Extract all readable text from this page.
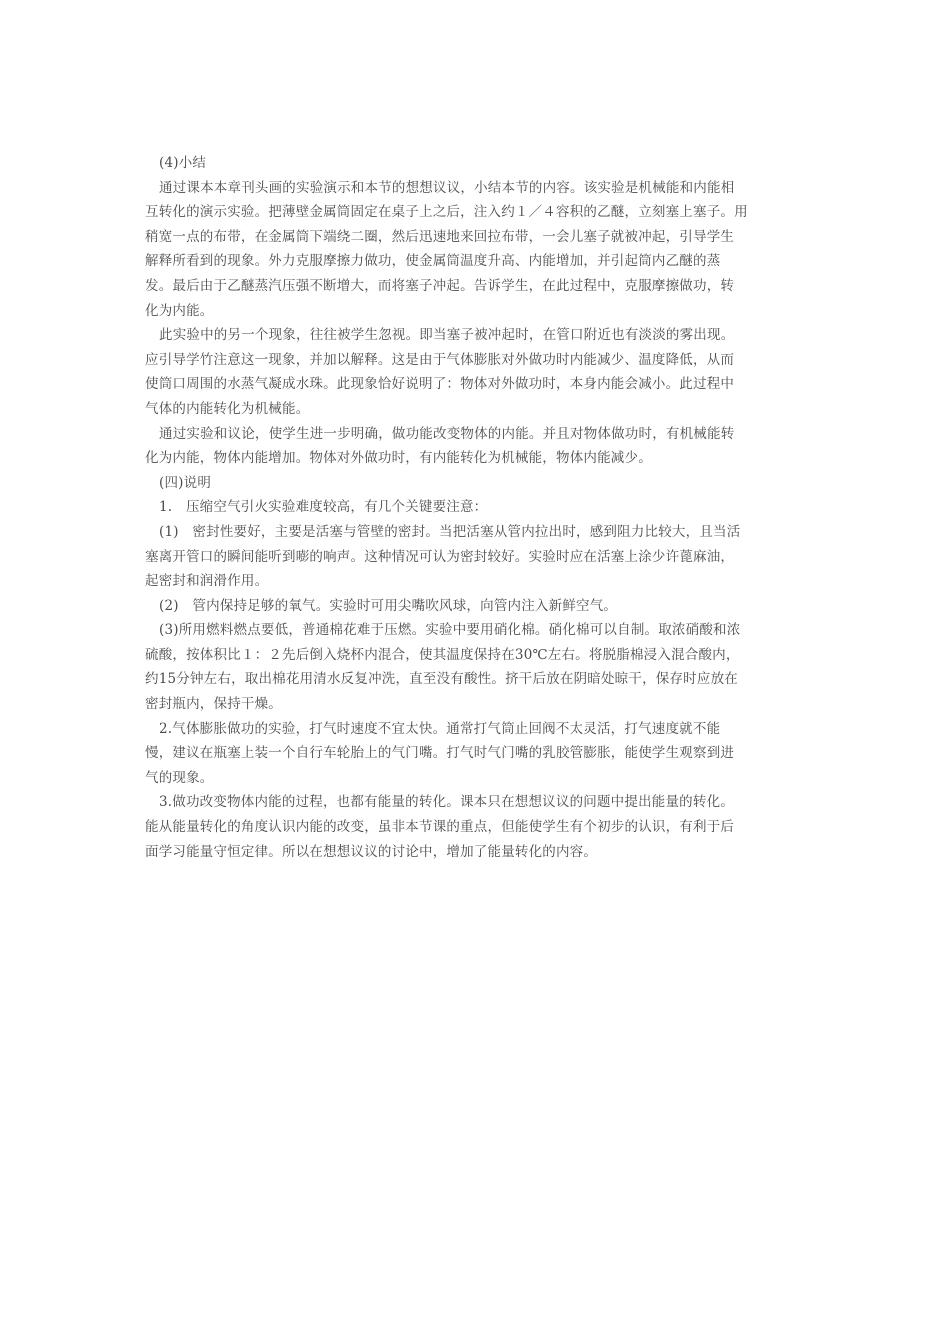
(4)小结
通过课本本章刊头画的实验演示和本节的想想议议，小结本节的内容。该实验是机械能和内能相
互转化的演示实验。把薄壁金属筒固定在桌子上之后，注入约１／４容积的乙醚，立刻塞上塞子。用
稍宽一点的布带，在金属筒下端绕二圈，然后迅速地来回拉布带，一会儿塞子就被冲起，引导学生
解释所看到的现象。外力克服摩擦力做功，使金属筒温度升高、内能增加，并引起筒内乙醚的蒸
发。最后由于乙醚蒸汽压强不断增大，而将塞子冲起。告诉学生，在此过程中，克服摩擦做功，转
化为内能。
此实验中的另一个现象，往往被学生忽视。即当塞子被冲起时，在管口附近也有淡淡的雾出现。
应引导学竹注意这一现象，并加以解释。这是由于气体膨胀对外做功时内能减少、温度降低，从而
使筒口周围的水蒸气凝成水珠。此现象恰好说明了：物体对外做功时，本身内能会减小。此过程中
气体的内能转化为机械能。
通过实验和议论，使学生进一步明确，做功能改变物体的内能。并且对物体做功时，有机械能转
化为内能，物体内能增加。物体对外做功时，有内能转化为机械能，物体内能减少。
(四)说明
1.　压缩空气引火实验难度较高，有几个关键要注意：
(1)　密封性要好，主要是活塞与管壁的密封。当把活塞从管内拉出时，感到阻力比较大，且当活
塞离开管口的瞬间能听到嘭的响声。这种情况可认为密封较好。实验时应在活塞上涂少许蓖麻油，
起密封和润滑作用。
(2)　管内保持足够的氧气。实验时可用尖嘴吹风球，向管内注入新鲜空气。
(3)所用燃料燃点要低，普通棉花难于压燃。实验中要用硝化棉。硝化棉可以自制。取浓硝酸和浓
硫酸，按体积比１：２先后倒入烧杯内混合，使其温度保持在30℃左右。将脱脂棉浸入混合酸内，
约15分钟左右，取出棉花用清水反复冲洗，直至没有酸性。挤干后放在阴暗处晾干，保存时应放在
密封瓶内，保持干燥。
2.气体膨胀做功的实验，打气时速度不宜太快。通常打气筒止回阀不太灵活，打气速度就不能
慢，建议在瓶塞上装一个自行车轮胎上的气门嘴。打气时气门嘴的乳胶管膨胀，能使学生观察到进
气的现象。
3.做功改变物体内能的过程，也都有能量的转化。课本只在想想议议的问题中提出能量的转化。
能从能量转化的角度认识内能的改变，虽非本节课的重点，但能使学生有个初步的认识，有利于后
面学习能量守恒定律。所以在想想议议的讨论中，增加了能量转化的内容。
